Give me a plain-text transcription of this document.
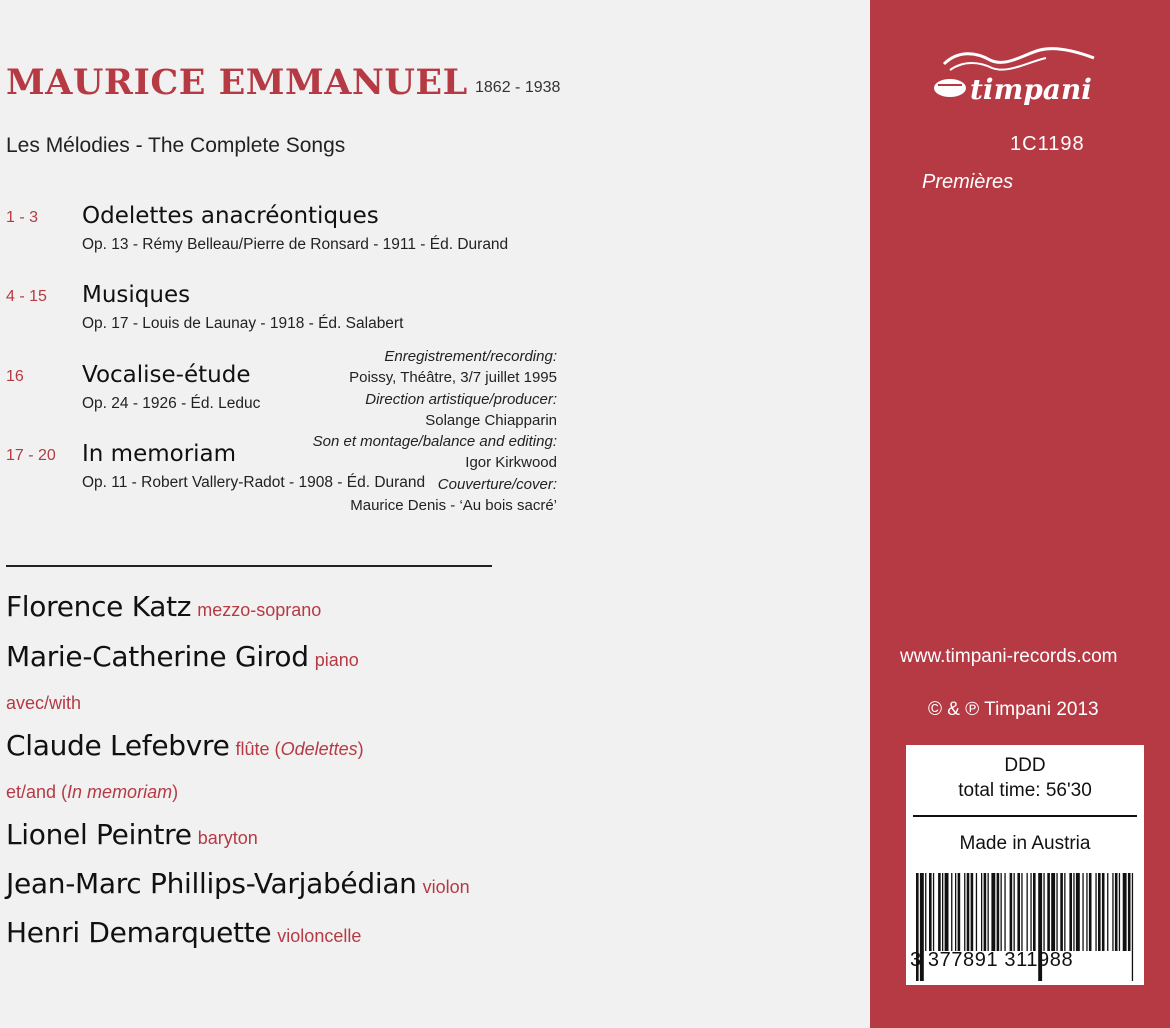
MAURICE EMMANUEL 1862 - 1938
Les Mélodies - The Complete Songs
1 - 3 Odelettes anacréontiques
Op. 13 - Rémy Belleau/Pierre de Ronsard - 1911 - Éd. Durand
4 - 15 Musiques
Op. 17 - Louis de Launay - 1918 - Éd. Salabert
16	Vocalise-étude
Op. 24 - 1926 - Éd. Leduc
17 - 20 In memoriam
Op. 11 - Robert Vallery-Radot - 1908 - Éd. Durand
Enregistrement/recording:
Poissy, Théâtre, 3/7 juillet 1995
Direction artistique/producer:
Solange Chiapparin
Son et montage/balance and editing:
Igor Kirkwood
Couverture/cover:
Maurice Denis - ‘Au bois sacré’
Florence Katz mezzo-soprano
Marie-Catherine Girod piano
avec/with
Claude Lefebvre flûte (Odelettes)
et/and (In memoriam)
Lionel Peintre baryton
Jean-Marc Phillips-Varjabédian violon
Henri Demarquette violoncelle
timpani
1C1198
Premières
www.timpani-records.com
© & ℗ Timpani 2013
DDD
total time: 56'30
Made in Austria
3 377891 311988
